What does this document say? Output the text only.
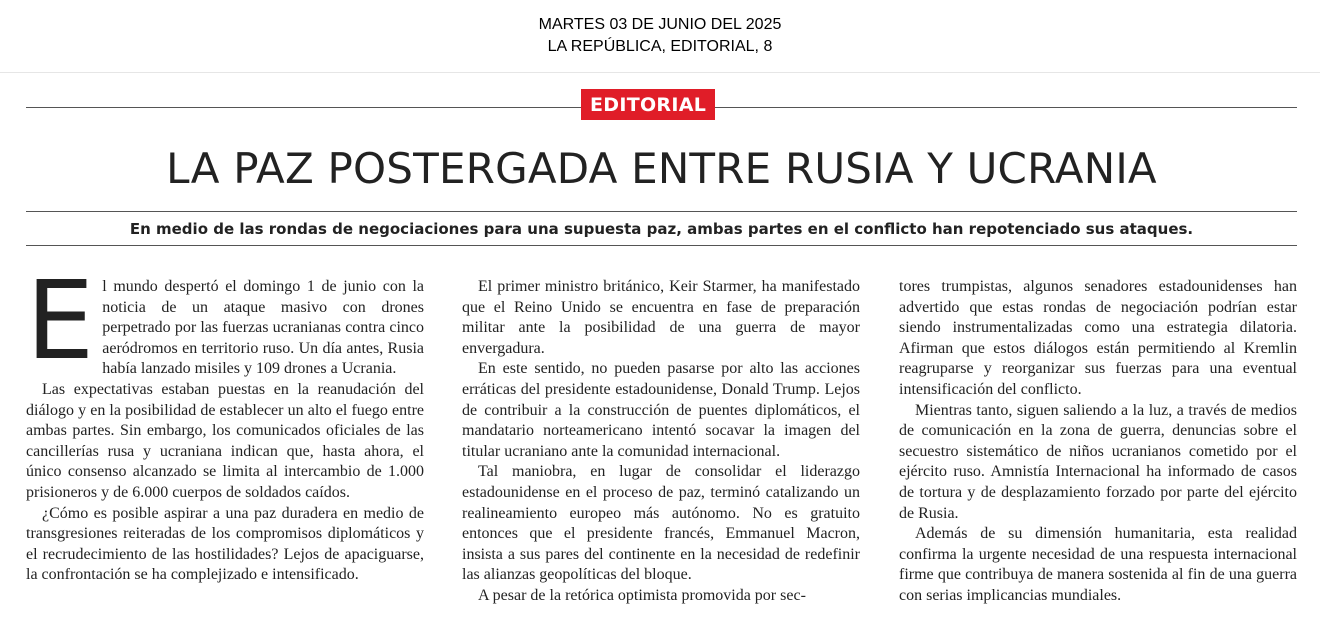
MARTES 03 DE JUNIO DEL 2025
LA REPÚBLICA, EDITORIAL, 8
EDITORIAL
LA PAZ POSTERGADA ENTRE RUSIA Y UCRANIA
En medio de las rondas de negociaciones para una supuesta paz, ambas partes en el conflicto han repotenciado sus ataques.

El mundo despertó el domingo 1 de junio con la noticia de un ataque masivo con drones perpetrado por las fuerzas ucranianas contra cinco aeródromos en territorio ruso. Un día antes, Rusia había lanzado misiles y 109 drones a Ucrania.

Las expectativas estaban puestas en la reanudación del diálogo y en la posibilidad de establecer un alto el fuego entre ambas partes. Sin embargo, los comunicados oficiales de las cancillerías rusa y ucraniana indican que, hasta ahora, el único consenso alcanzado se limita al intercambio de 1.000 prisioneros y de 6.000 cuerpos de soldados caídos.

¿Cómo es posible aspirar a una paz duradera en medio de transgresiones reiteradas de los compromisos diplomáticos y el recrudecimiento de las hostilidades? Lejos de apaciguarse, la confrontación se ha complejizado e intensificado.

El primer ministro británico, Keir Starmer, ha manifestado que el Reino Unido se encuentra en fase de preparación militar ante la posibilidad de una guerra de mayor envergadura.

En este sentido, no pueden pasarse por alto las acciones erráticas del presidente estadounidense, Donald Trump. Lejos de contribuir a la construcción de puentes diplomáticos, el mandatario norteamericano intentó socavar la imagen del titular ucraniano ante la comunidad internacional.

Tal maniobra, en lugar de consolidar el liderazgo estadounidense en el proceso de paz, terminó catalizando un realineamiento europeo más autónomo. No es gratuito entonces que el presidente francés, Emmanuel Macron, insista a sus pares del continente en la necesidad de redefinir las alianzas geopolíticas del bloque.

A pesar de la retórica optimista promovida por sec-

tores trumpistas, algunos senadores estadounidenses han advertido que estas rondas de negociación podrían estar siendo instrumentalizadas como una estrategia dilatoria. Afirman que estos diálogos están permitiendo al Kremlin reagruparse y reorganizar sus fuerzas para una eventual intensificación del conflicto.

Mientras tanto, siguen saliendo a la luz, a través de medios de comunicación en la zona de guerra, denuncias sobre el secuestro sistemático de niños ucranianos cometido por el ejército ruso. Amnistía Internacional ha informado de casos de tortura y de desplazamiento forzado por parte del ejército de Rusia.

Además de su dimensión humanitaria, esta realidad confirma la urgente necesidad de una respuesta internacional firme que contribuya de manera sostenida al fin de una guerra con serias implicancias mundiales.
